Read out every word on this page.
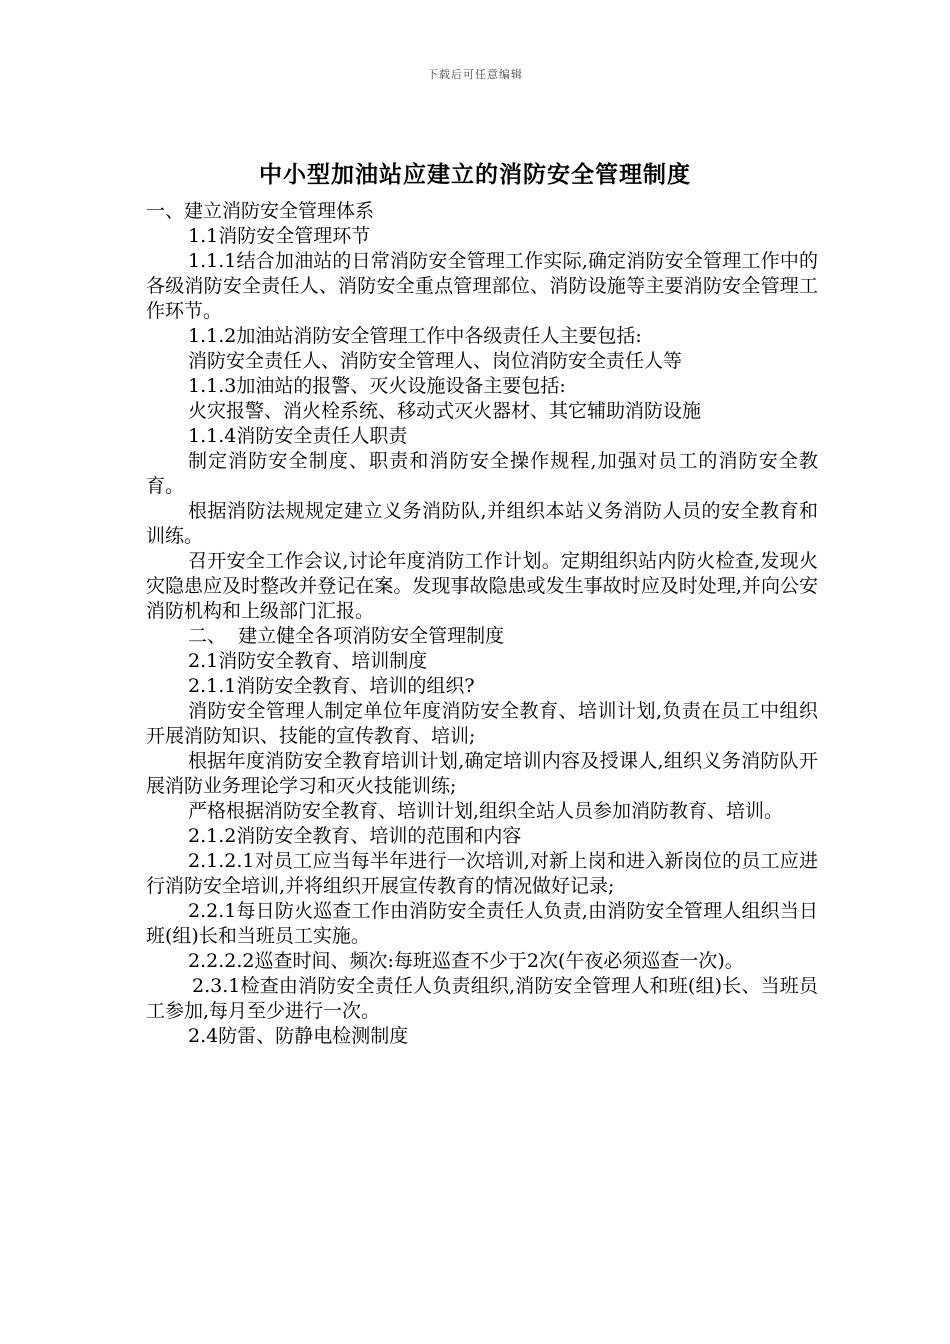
下载后可任意编辑
中小型加油站应建立的消防安全管理制度

一、建立消防安全管理体系

1.1消防安全管理环节

1.1.1结合加油站的日常消防安全管理工作实际,确定消防安全管理工作中的各级消防安全责任人、消防安全重点管理部位、消防设施等主要消防安全管理工作环节。

1.1.2加油站消防安全管理工作中各级责任人主要包括:

消防安全责任人、消防安全管理人、岗位消防安全责任人等

1.1.3加油站的报警、灭火设施设备主要包括:

火灾报警、消火栓系统、移动式灭火器材、其它辅助消防设施

1.1.4消防安全责任人职责

制定消防安全制度、职责和消防安全操作规程,加强对员工的消防安全教育。

根据消防法规规定建立义务消防队,并组织本站义务消防人员的安全教育和训练。

召开安全工作会议,讨论年度消防工作计划。定期组织站内防火检查,发现火灾隐患应及时整改并登记在案。发现事故隐患或发生事故时应及时处理,并向公安消防机构和上级部门汇报。

二、  建立健全各项消防安全管理制度

2.1消防安全教育、培训制度

2.1.1消防安全教育、培训的组织?

消防安全管理人制定单位年度消防安全教育、培训计划,负责在员工中组织开展消防知识、技能的宣传教育、培训;

根据年度消防安全教育培训计划,确定培训内容及授课人,组织义务消防队开展消防业务理论学习和灭火技能训练;

严格根据消防安全教育、培训计划,组织全站人员参加消防教育、培训。

2.1.2消防安全教育、培训的范围和内容

2.1.2.1对员工应当每半年进行一次培训,对新上岗和进入新岗位的员工应进行消防安全培训,并将组织开展宣传教育的情况做好记录;

2.2.1每日防火巡查工作由消防安全责任人负责,由消防安全管理人组织当日班(组)长和当班员工实施。

2.2.2.2巡查时间、频次:每班巡查不少于2次(午夜必须巡查一次)。

2.3.1检查由消防安全责任人负责组织,消防安全管理人和班(组)长、当班员工参加,每月至少进行一次。

2.4防雷、防静电检测制度
